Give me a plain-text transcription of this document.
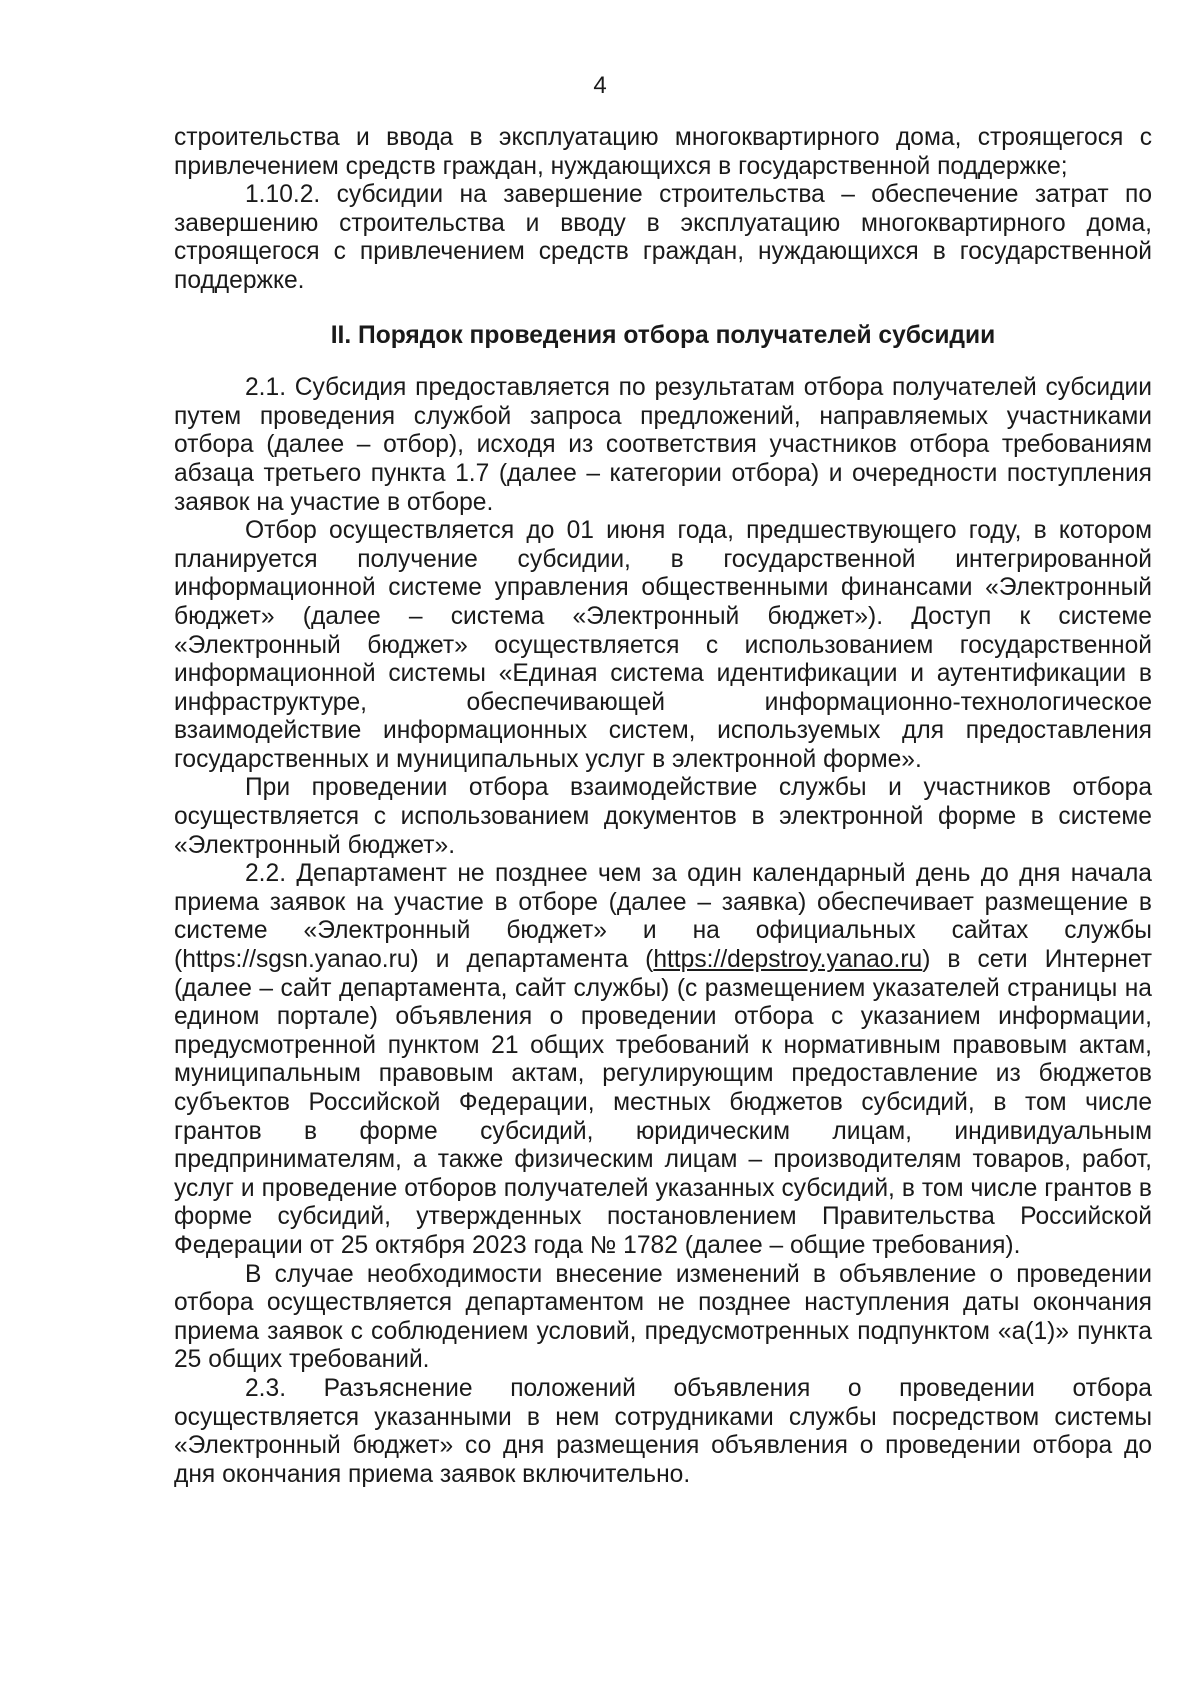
4

строительства и ввода в эксплуатацию многоквартирного дома, строящегося с привлечением средств граждан, нуждающихся в государственной поддержке;

1.10.2. субсидии на завершение строительства – обеспечение затрат по завершению строительства и вводу в эксплуатацию многоквартирного дома, строящегося с привлечением средств граждан, нуждающихся в государственной поддержке.

II. Порядок проведения отбора получателей субсидии

2.1. Субсидия предоставляется по результатам отбора получателей субсидии путем проведения службой запроса предложений, направляемых участниками отбора (далее – отбор), исходя из соответствия участников отбора требованиям абзаца третьего пункта 1.7 (далее – категории отбора) и очередности поступления заявок на участие в отборе.

Отбор осуществляется до 01 июня года, предшествующего году, в котором планируется получение субсидии, в государственной интегрированной информационной системе управления общественными финансами «Электронный бюджет» (далее – система «Электронный бюджет»). Доступ к системе «Электронный бюджет» осуществляется с использованием государственной информационной системы «Единая система идентификации и аутентификации в инфраструктуре, обеспечивающей информационно-технологическое взаимодействие информационных систем, используемых для предоставления государственных и муниципальных услуг в электронной форме».

При проведении отбора взаимодействие службы и участников отбора осуществляется с использованием документов в электронной форме в системе «Электронный бюджет».

2.2. Департамент не позднее чем за один календарный день до дня начала приема заявок на участие в отборе (далее – заявка) обеспечивает размещение в системе «Электронный бюджет» и на официальных сайтах службы (https://sgsn.yanao.ru) и департамента (https://depstroy.yanao.ru) в сети Интернет (далее – сайт департамента, сайт службы) (с размещением указателей страницы на едином портале) объявления о проведении отбора с указанием информации, предусмотренной пунктом 21 общих требований к нормативным правовым актам, муниципальным правовым актам, регулирующим предоставление из бюджетов субъектов Российской Федерации, местных бюджетов субсидий, в том числе грантов в форме субсидий, юридическим лицам, индивидуальным предпринимателям, а также физическим лицам – производителям товаров, работ, услуг и проведение отборов получателей указанных субсидий, в том числе грантов в форме субсидий, утвержденных постановлением Правительства Российской Федерации от 25 октября 2023 года № 1782 (далее – общие требования).

В случае необходимости внесение изменений в объявление о проведении отбора осуществляется департаментом не позднее наступления даты окончания приема заявок с соблюдением условий, предусмотренных подпунктом «а(1)» пункта 25 общих требований.

2.3. Разъяснение положений объявления о проведении отбора осуществляется указанными в нем сотрудниками службы посредством системы «Электронный бюджет» со дня размещения объявления о проведении отбора до дня окончания приема заявок включительно.
